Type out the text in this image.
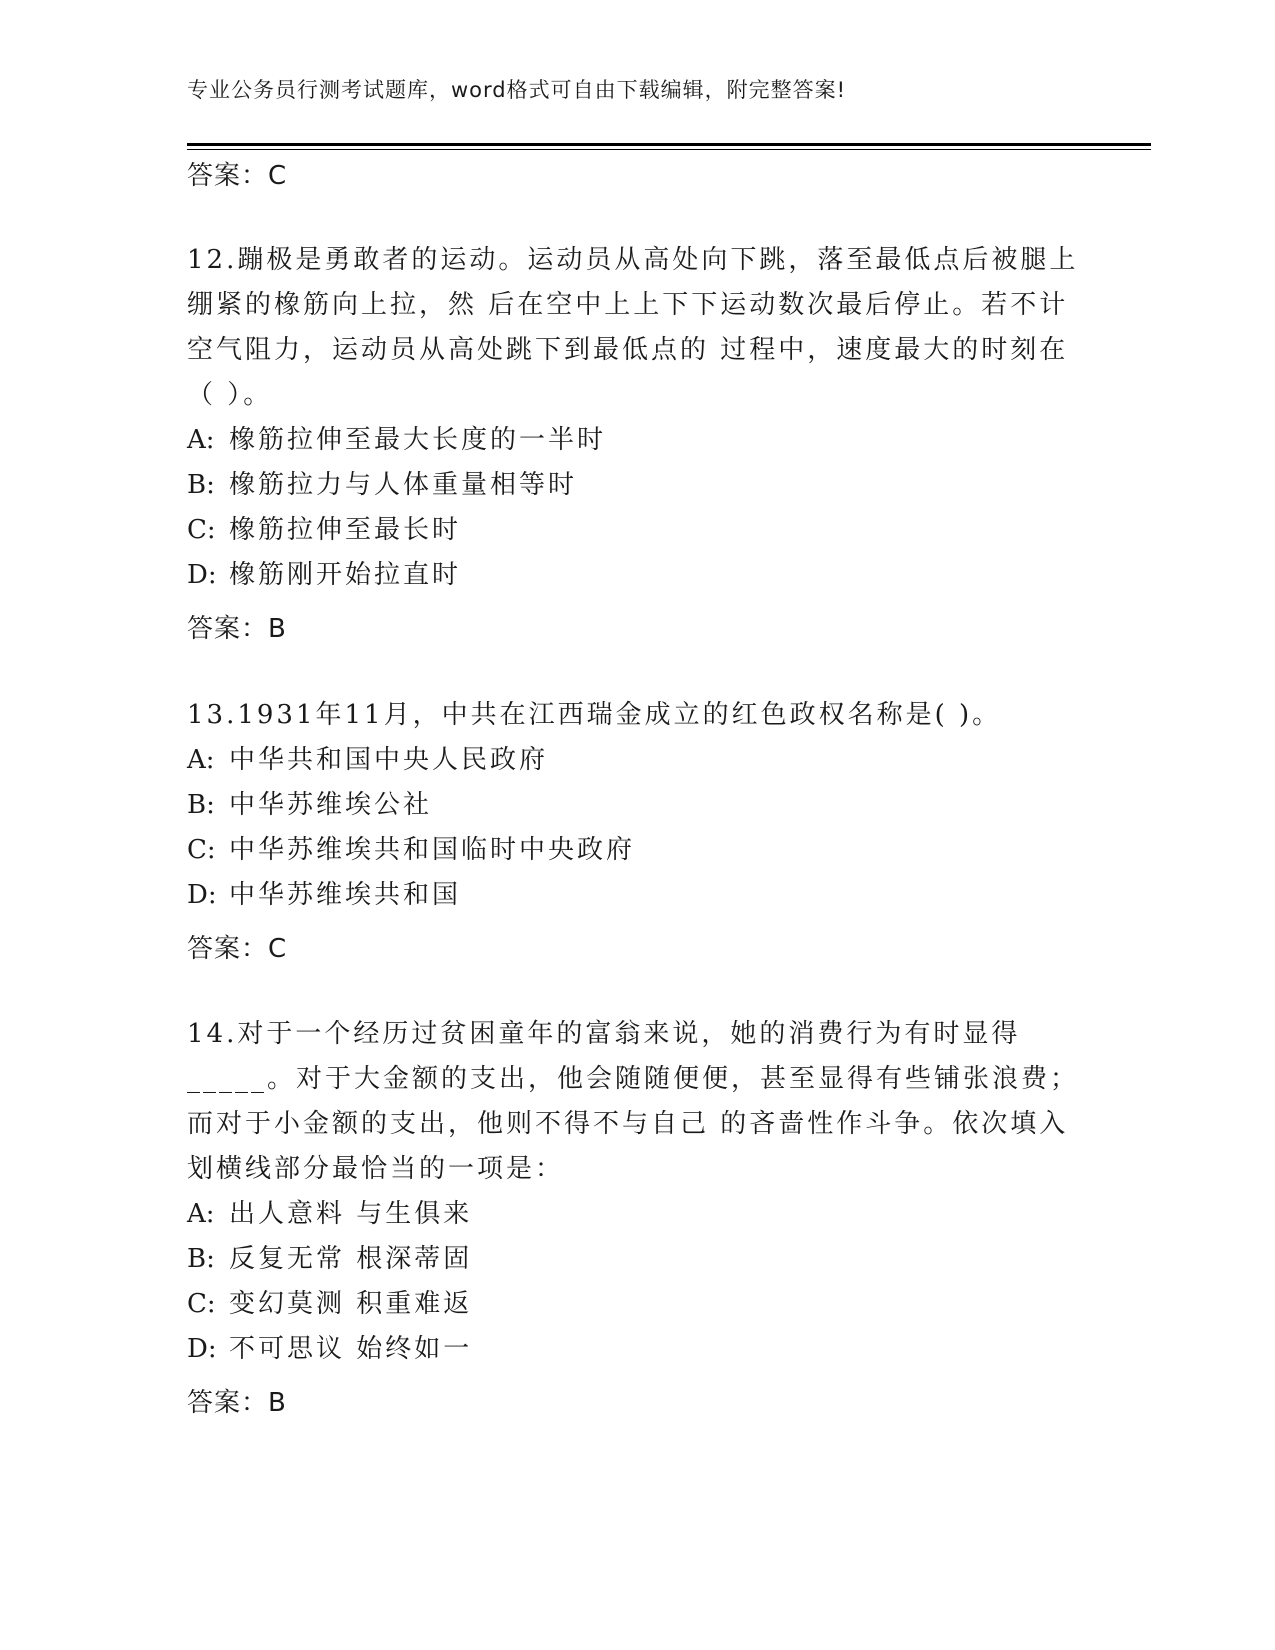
专业公务员行测考试题库，word格式可自由下载编辑，附完整答案!
答案：C
12.蹦极是勇敢者的运动。运动员从高处向下跳，落至最低点后被腿上
绷紧的橡筋向上拉，然 后在空中上上下下运动数次最后停止。若不计
空气阻力，运动员从高处跳下到最低点的 过程中，速度最大的时刻在
（ ）。
A: 橡筋拉伸至最大长度的一半时
B: 橡筋拉力与人体重量相等时
C: 橡筋拉伸至最长时
D: 橡筋刚开始拉直时
答案：B
13.1931年11月，中共在江西瑞金成立的红色政权名称是( )。
A: 中华共和国中央人民政府
B: 中华苏维埃公社
C: 中华苏维埃共和国临时中央政府
D: 中华苏维埃共和国
答案：C
14.对于一个经历过贫困童年的富翁来说，她的消费行为有时显得
_____。对于大金额的支出，他会随随便便，甚至显得有些铺张浪费；
而对于小金额的支出，他则不得不与自己 的吝啬性作斗争。依次填入
划横线部分最恰当的一项是：
A: 出人意料 与生俱来
B: 反复无常 根深蒂固
C: 变幻莫测 积重难返
D: 不可思议 始终如一
答案：B
